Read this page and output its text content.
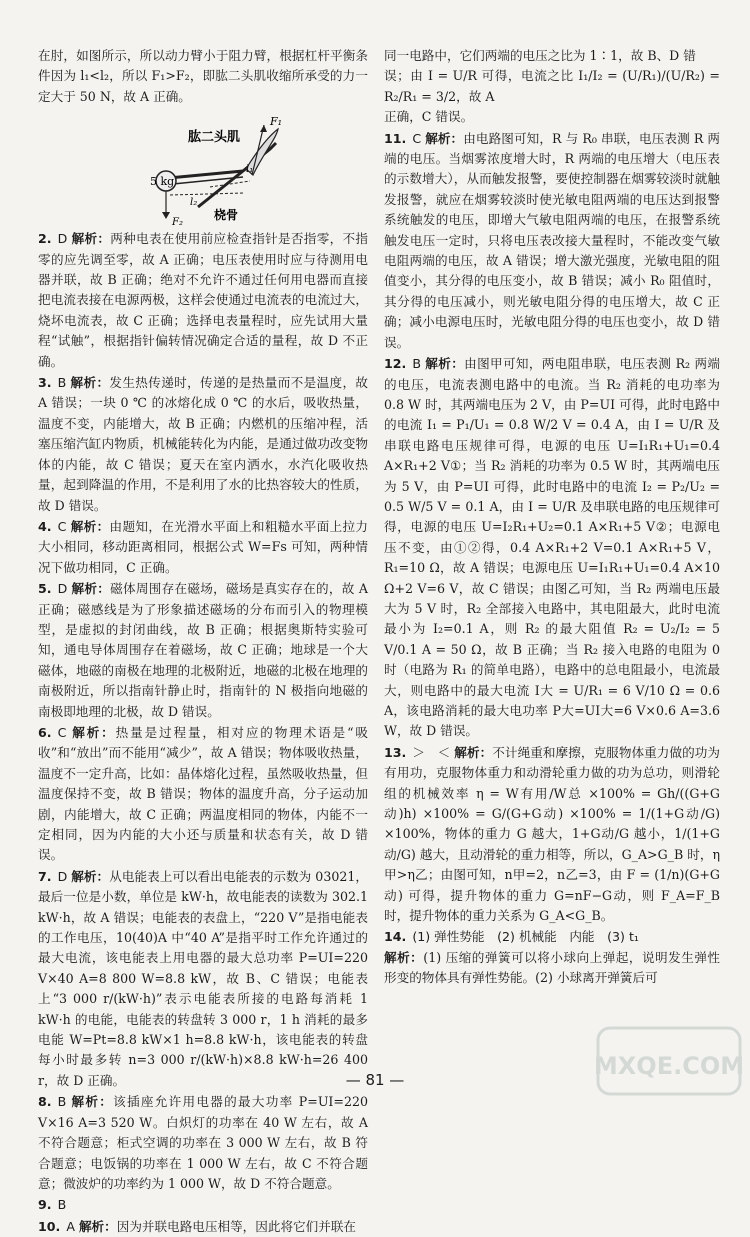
在肘，如图所示，所以动力臂小于阻力臂，根据杠杆平衡条件因为 l₁<l₂，所以 F₁>F₂，即肱二头肌收缩所承受的力一定大于 50 N，故 A 正确。

肱二头肌
F₁
l₁
l₂
5 kg
桡骨
F₂

2. D 解析：两种电表在使用前应检查指针是否指零，不指零的应先调至零，故 A 正确；电压表使用时应与待测用电器并联，故 B 正确；绝对不允许不通过任何用电器而直接把电流表接在电源两极，这样会使通过电流表的电流过大，烧坏电流表，故 C 正确；选择电表量程时，应先试用大量程“试触”，根据指针偏转情况确定合适的量程，故 D 不正确。

3. B 解析：发生热传递时，传递的是热量而不是温度，故 A 错误；一块 0 ℃ 的冰熔化成 0 ℃ 的水后，吸收热量，温度不变，内能增大，故 B 正确；内燃机的压缩冲程，活塞压缩汽缸内物质，机械能转化为内能，是通过做功改变物体的内能，故 C 错误；夏天在室内洒水，水汽化吸收热量，起到降温的作用，不是利用了水的比热容较大的性质，故 D 错误。

4. C 解析：由题知，在光滑水平面上和粗糙水平面上拉力大小相同，移动距离相同，根据公式 W=Fs 可知，两种情况下做功相同，C 正确。

5. D 解析：磁体周围存在磁场，磁场是真实存在的，故 A 正确；磁感线是为了形象描述磁场的分布而引入的物理模型，是虚拟的封闭曲线，故 B 正确；根据奥斯特实验可知，通电导体周围存在着磁场，故 C 正确；地球是一个大磁体，地磁的南极在地理的北极附近，地磁的北极在地理的南极附近，所以指南针静止时，指南针的 N 极指向地磁的南极即地理的北极，故 D 错误。

6. C 解析：热量是过程量，相对应的物理术语是“吸收”和“放出”而不能用“减少”，故 A 错误；物体吸收热量，温度不一定升高，比如：晶体熔化过程，虽然吸收热量，但温度保持不变，故 B 错误；物体的温度升高，分子运动加剧，内能增大，故 C 正确；两温度相同的物体，内能不一定相同，因为内能的大小还与质量和状态有关，故 D 错误。

7. D 解析：从电能表上可以看出电能表的示数为 03021，最后一位是小数，单位是 kW·h，故电能表的读数为 302.1 kW·h，故 A 错误；电能表的表盘上，“220 V”是指电能表的工作电压，10(40)A 中“40 A”是指平时工作允许通过的最大电流，该电能表上用电器的最大总功率 P=UI=220 V×40 A=8 800 W=8.8 kW，故 B、C 错误；电能表上“3 000 r/(kW·h)”表示电能表所接的电路每消耗 1 kW·h 的电能，电能表的转盘转 3 000 r，1 h 消耗的最多电能 W=Pt=8.8 kW×1 h=8.8 kW·h，该电能表的转盘每小时最多转 n=3 000 r/(kW·h)×8.8 kW·h=26 400 r，故 D 正确。

8. B 解析：该插座允许用电器的最大功率 P=UI=220 V×16 A=3 520 W。白炽灯的功率在 40 W 左右，故 A 不符合题意；柜式空调的功率在 3 000 W 左右，故 B 符合题意；电饭锅的功率在 1 000 W 左右，故 C 不符合题意；微波炉的功率约为 1 000 W，故 D 不符合题意。

9. B

10. A 解析：因为并联电路电压相等，因此将它们并联在

同一电路中，它们两端的电压之比为 1∶1，故 B、D 错

误；由 I = U/R 可得，电流之比 I₁/I₂ = (U/R₁)/(U/R₂) = R₂/R₁ = 3/2，故 A

正确，C 错误。

11. C 解析：由电路图可知，R 与 R₀ 串联，电压表测 R 两端的电压。当烟雾浓度增大时，R 两端的电压增大（电压表的示数增大），从而触发报警，要使控制器在烟雾较淡时就触发报警，就应在烟雾较淡时使光敏电阻两端的电压达到报警系统触发的电压，即增大气敏电阻两端的电压，在报警系统触发电压一定时，只将电压表改接大量程时，不能改变气敏电阻两端的电压，故 A 错误；增大激光强度，光敏电阻的阻值变小，其分得的电压变小，故 B 错误；减小 R₀ 阻值时，其分得的电压减小，则光敏电阻分得的电压增大，故 C 正确；减小电源电压时，光敏电阻分得的电压也变小，故 D 错误。

12. B 解析：由图甲可知，两电阻串联，电压表测 R₂ 两端的电压，电流表测电路中的电流。当 R₂ 消耗的电功率为 0.8 W 时，其两端电压为 2 V，由 P=UI 可得，此时电路中的电流 I₁ = P₁/U₁ = 0.8 W/2 V = 0.4 A，由 I = U/R 及串联电路电压规律可得，电源的电压 U=I₁R₁+U₁=0.4 A×R₁+2 V①；当 R₂ 消耗的功率为 0.5 W 时，其两端电压为 5 V，由 P=UI 可得，此时电路中的电流 I₂ = P₂/U₂ = 0.5 W/5 V = 0.1 A，由 I = U/R 及串联电路的电压规律可得，电源的电压 U=I₂R₁+U₂=0.1 A×R₁+5 V②；电源电压不变，由①②得，0.4 A×R₁+2 V=0.1 A×R₁+5 V，R₁=10 Ω，故 A 错误；电源电压 U=I₁R₁+U₁=0.4 A×10 Ω+2 V=6 V，故 C 错误；由图乙可知，当 R₂ 两端电压最大为 5 V 时，R₂ 全部接入电路中，其电阻最大，此时电流最小为 I₂=0.1 A，则 R₂ 的最大阻值 R₂ = U₂/I₂ = 5 V/0.1 A = 50 Ω，故 B 正确；当 R₂ 接入电路的电阻为 0 时（电路为 R₁ 的简单电路），电路中的总电阻最小，电流最大，则电路中的最大电流 I大 = U/R₁ = 6 V/10 Ω = 0.6 A，该电路消耗的最大电功率 P大=UI大=6 V×0.6 A=3.6 W，故 D 错误。

13. ＞　＜ 解析：不计绳重和摩擦，克服物体重力做的功为有用功，克服物体重力和动滑轮重力做的功为总功，则滑轮组的机械效率 η = W有用/W总 ×100% = Gh/((G+G动)h) ×100% = G/(G+G动) ×100% = 1/(1+G动/G) ×100%，物体的重力 G 越大，1+G动/G 越小，1/(1+G动/G) 越大，且动滑轮的重力相等，所以，G_A>G_B 时，η甲>η乙；由图可知，n甲=2，n乙=3，由 F = (1/n)(G+G动) 可得，提升物体的重力 G=nF−G动，则 F_A=F_B 时，提升物体的重力关系为 G_A<G_B。

14. (1) 弹性势能　(2) 机械能　内能　(3) t₁

解析：(1) 压缩的弹簧可以将小球向上弹起，说明发生弹性形变的物体具有弹性势能。(2) 小球离开弹簧后可

— 81 —	MXQE.COM
